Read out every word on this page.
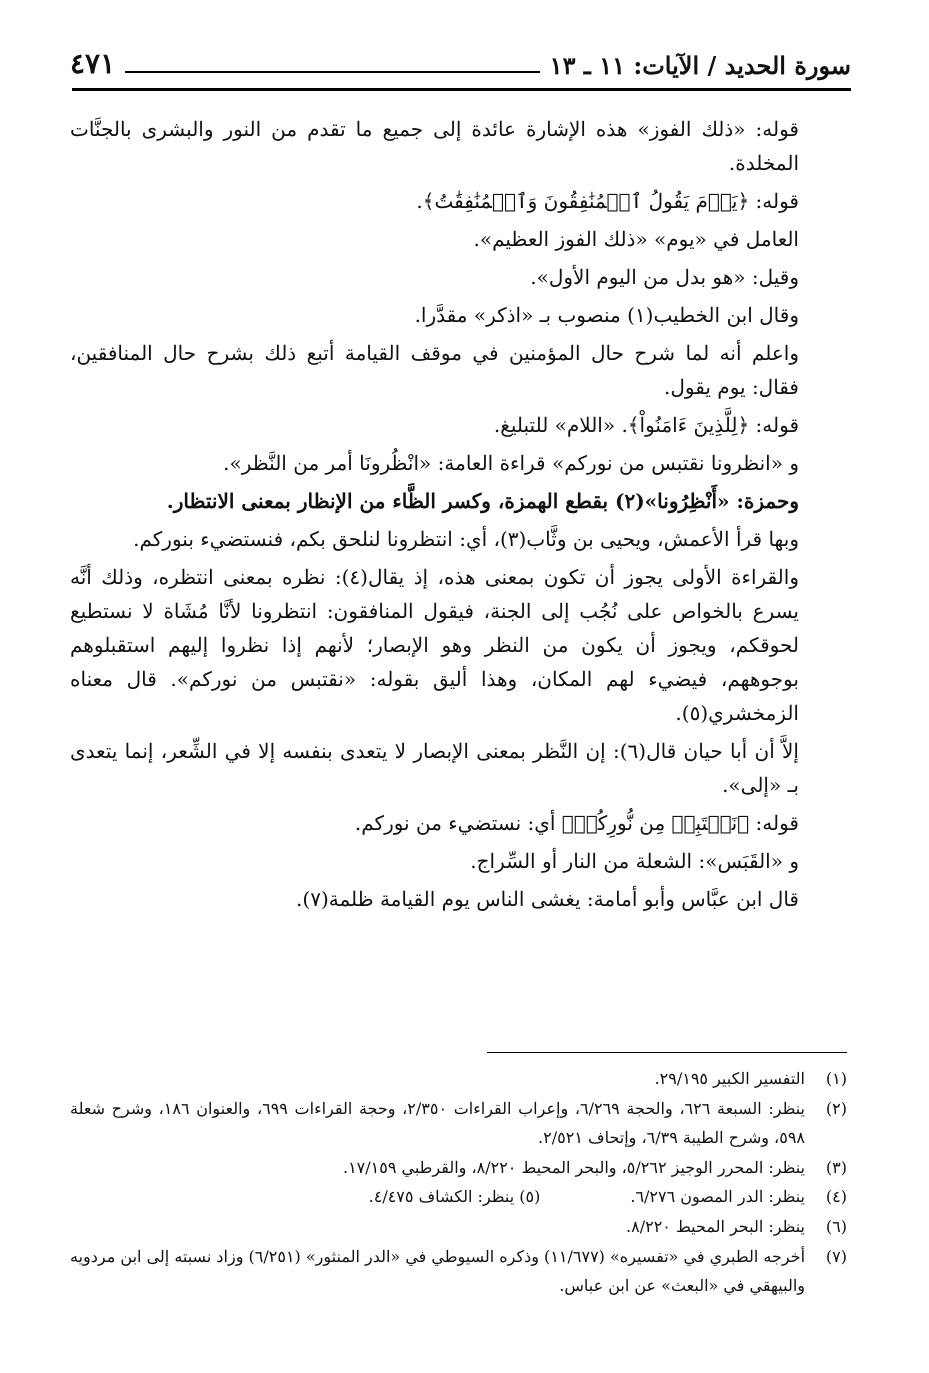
سورة الحديد / الآيات: ١١ ـ ١٣
٤٧١

قوله: «ذلك الفوز» هذه الإشارة عائدة إلى جميع ما تقدم من النور والبشرى بالجنَّات المخلدة.

قوله: ﴿يَوۡمَ يَقُولُ ٱلۡمُنَٰفِقُونَ وَٱلۡمُنَٰفِقَٰتُ﴾.

العامل في «يوم» «ذلك الفوز العظيم».

وقيل: «هو بدل من اليوم الأول».

وقال ابن الخطيب(١) منصوب بـ «اذكر» مقدَّرا.

واعلم أنه لما شرح حال المؤمنين في موقف القيامة أتبع ذلك بشرح حال المنافقين، فقال: يوم يقول.

قوله: ﴿لِلَّذِينَ ءَامَنُواْ﴾. «اللام» للتبليغ.

و «انظرونا نقتبس من نوركم» قراءة العامة: «انْظُرونَا أمر من النَّظر».

وحمزة: «أَنْظِرُونا»(٢) بقطع الهمزة، وكسر الظَّاء من الإنظار بمعنى الانتظار.

وبها قرأ الأعمش، ويحيى بن وثَّاب(٣)، أي: انتظرونا لنلحق بكم، فنستضيء بنوركم.

والقراءة الأولى يجوز أن تكون بمعنى هذه، إذ يقال(٤): نظره بمعنى انتظره، وذلك أنَّه يسرع بالخواص على نُجُب إلى الجنة، فيقول المنافقون: انتظرونا لأنَّا مُشَاة لا نستطيع لحوقكم، ويجوز أن يكون من النظر وهو الإبصار؛ لأنهم إذا نظروا إليهم استقبلوهم بوجوههم، فيضيء لهم المكان، وهذا أليق بقوله: «نقتبس من نوركم». قال معناه الزمخشري(٥).

إلاَّ أن أبا حيان قال(٦): إن النَّظر بمعنى الإبصار لا يتعدى بنفسه إلا في الشِّعر، إنما يتعدى بـ «إلى».

قوله: ﴿نَقۡتَبِسۡ مِن نُّورِكُمۡ﴾ أي: نستضيء من نوركم.

و «القَبَس»: الشعلة من النار أو السِّراج.

قال ابن عبَّاس وأبو أمامة: يغشى الناس يوم القيامة ظلمة(٧).

(١)
التفسير الكبير ٢٩/١٩٥.
(٢)
ينظر: السبعة ٦٢٦، والحجة ٦/٢٦٩، وإعراب القراءات ٢/٣٥٠، وحجة القراءات ٦٩٩، والعنوان ١٨٦، وشرح شعلة ٥٩٨، وشرح الطيبة ٦/٣٩، وإتحاف ٢/٥٢١.
(٣)
ينظر: المحرر الوجيز ٥/٢٦٢، والبحر المحيط ٨/٢٢٠، والقرطبي ١٧/١٥٩.
(٤)
ينظر: الدر المصون ٦/٢٧٦.
(٥) ينظر: الكشاف ٤/٤٧٥.
(٦)
ينظر: البحر المحيط ٨/٢٢٠.
(٧)
أخرجه الطبري في «تفسيره» (١١/٦٧٧) وذكره السيوطي في «الدر المنثور» (٦/٢٥١) وزاد نسبته إلى ابن مردويه والبيهقي في «البعث» عن ابن عباس.
